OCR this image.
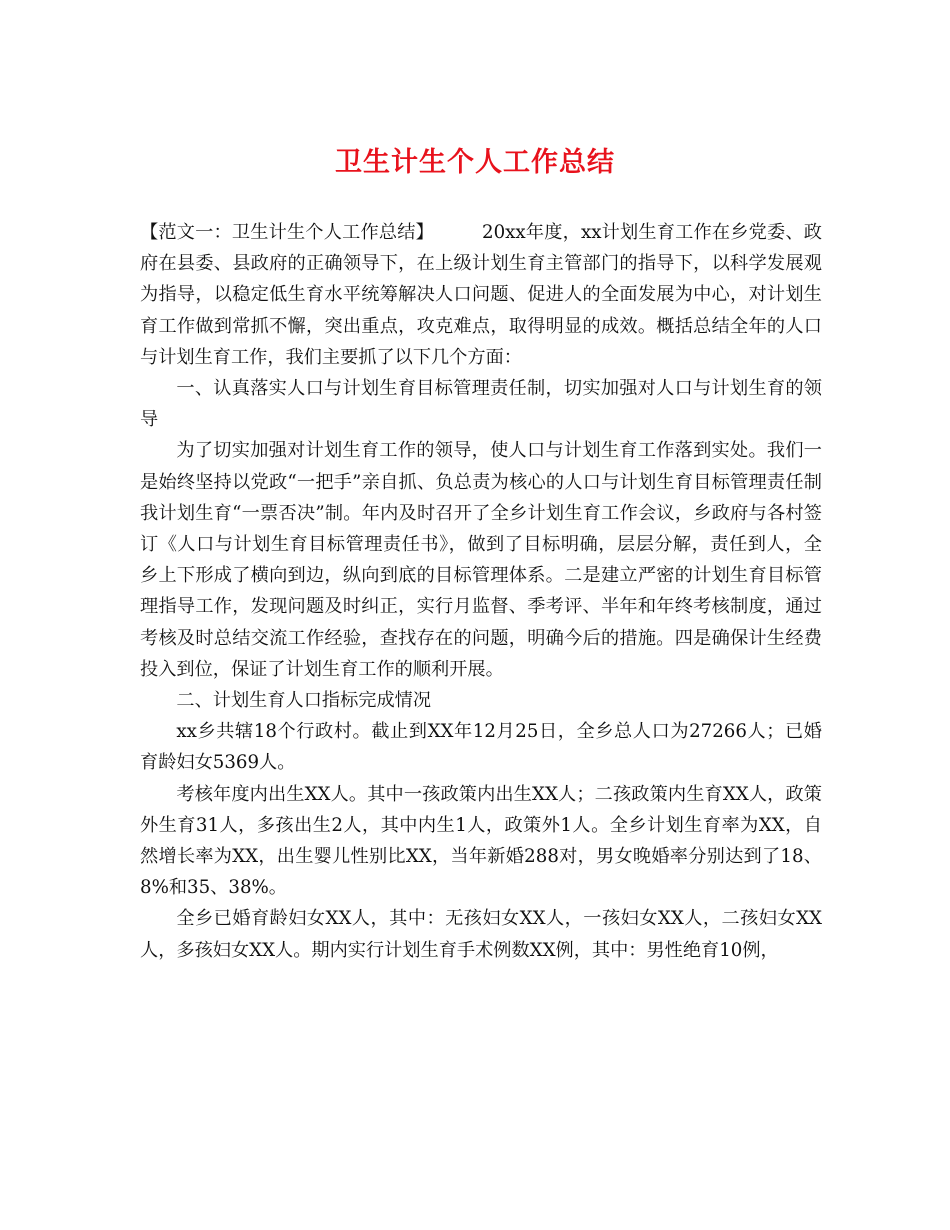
卫生计生个人工作总结

【范文一：卫生计生个人工作总结】	20xx年度，xx计划生育工作在乡党委、政府在县委、县政府的正确领导下，在上级计划生育主管部门的指导下，以科学发展观为指导，以稳定低生育水平统筹解决人口问题、促进人的全面发展为中心，对计划生育工作做到常抓不懈，突出重点，攻克难点，取得明显的成效。概括总结全年的人口与计划生育工作，我们主要抓了以下几个方面：

一、认真落实人口与计划生育目标管理责任制，切实加强对人口与计划生育的领导

为了切实加强对计划生育工作的领导，使人口与计划生育工作落到实处。我们一是始终坚持以党政“一把手”亲自抓、负总责为核心的人口与计划生育目标管理责任制我计划生育“一票否决”制。年内及时召开了全乡计划生育工作会议，乡政府与各村签订《人口与计划生育目标管理责任书》，做到了目标明确，层层分解，责任到人，全乡上下形成了横向到边，纵向到底的目标管理体系。二是建立严密的计划生育目标管理指导工作，发现问题及时纠正，实行月监督、季考评、半年和年终考核制度，通过考核及时总结交流工作经验，查找存在的问题，明确今后的措施。四是确保计生经费投入到位，保证了计划生育工作的顺利开展。

二、计划生育人口指标完成情况

xx乡共辖18个行政村。截止到XX年12月25日，全乡总人口为27266人；已婚育龄妇女5369人。

考核年度内出生XX人。其中一孩政策内出生XX人；二孩政策内生育XX人，政策外生育31人，多孩出生2人，其中内生1人，政策外1人。全乡计划生育率为XX，自然增长率为XX，出生婴儿性别比XX，当年新婚288对，男女晚婚率分别达到了18、8%和35、38%。

全乡已婚育龄妇女XX人，其中：无孩妇女XX人，一孩妇女XX人，二孩妇女XX人，多孩妇女XX人。期内实行计划生育手术例数XX例，其中：男性绝育10例，
